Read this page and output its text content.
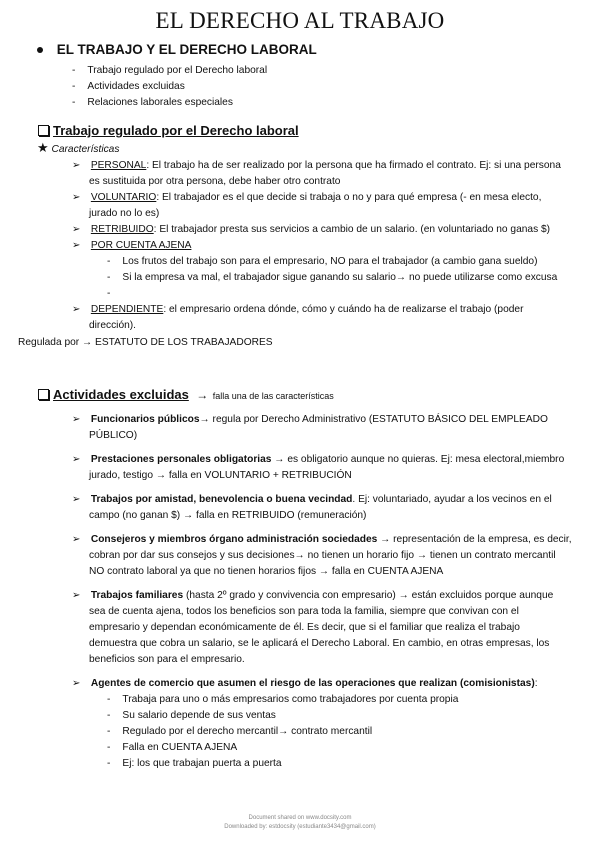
EL DERECHO AL TRABAJO
EL TRABAJO Y EL DERECHO LABORAL
- Trabajo regulado por el Derecho laboral
- Actividades excluidas
- Relaciones laborales especiales
Trabajo regulado por el Derecho laboral
★ Características
➢ PERSONAL: El trabajo ha de ser realizado por la persona que ha firmado el contrato. Ej: si una persona
es sustituida por otra persona, debe haber otro contrato
➢ VOLUNTARIO: El trabajador es el que decide si trabaja o no y para qué empresa (- en mesa electo,
jurado no lo es)
➢ RETRIBUIDO: El trabajador presta sus servicios a cambio de un salario. (en voluntariado no ganas $)
➢ POR CUENTA AJENA
- Los frutos del trabajo son para el empresario, NO para el trabajador (a cambio gana sueldo)
- Si la empresa va mal, el trabajador sigue ganando su salario→ no puede utilizarse como excusa
-
➢ DEPENDIENTE: el empresario ordena dónde, cómo y cuándo ha de realizarse el trabajo (poder
dirección).
Regulada por → ESTATUTO DE LOS TRABAJADORES
Actividades excluidas → falla una de las características
➢ Funcionarios públicos→ regula por Derecho Administrativo (ESTATUTO BÁSICO DEL EMPLEADO
PÚBLICO)
➢ Prestaciones personales obligatorias → es obligatorio aunque no quieras. Ej: mesa electoral,miembro
jurado, testigo → falla en VOLUNTARIO + RETRIBUCIÓN
➢ Trabajos por amistad, benevolencia o buena vecindad. Ej: voluntariado, ayudar a los vecinos en el
campo (no ganan $) → falla en RETRIBUIDO (remuneración)
➢ Consejeros y miembros órgano administración sociedades → representación de la empresa, es decir,
cobran por dar sus consejos y sus decisiones→ no tienen un horario fijo → tienen un contrato mercantil
NO contrato laboral ya que no tienen horarios fijos → falla en CUENTA AJENA
➢ Trabajos familiares (hasta 2º grado y convivencia con empresario) → están excluidos porque aunque
sea de cuenta ajena, todos los beneficios son para toda la familia, siempre que convivan con el
empresario y dependan económicamente de él. Es decir, que si el familiar que realiza el trabajo
demuestra que cobra un salario, se le aplicará el Derecho Laboral. En cambio, en otras empresas, los
beneficios son para el empresario.
➢ Agentes de comercio que asumen el riesgo de las operaciones que realizan (comisionistas):
- Trabaja para uno o más empresarios como trabajadores por cuenta propia
- Su salario depende de sus ventas
- Regulado por el derecho mercantil→ contrato mercantil
- Falla en CUENTA AJENA
- Ej: los que trabajan puerta a puerta
Document shared on www.docsity.com
Downloaded by: estdocsity (estudiante3434@gmail.com)
